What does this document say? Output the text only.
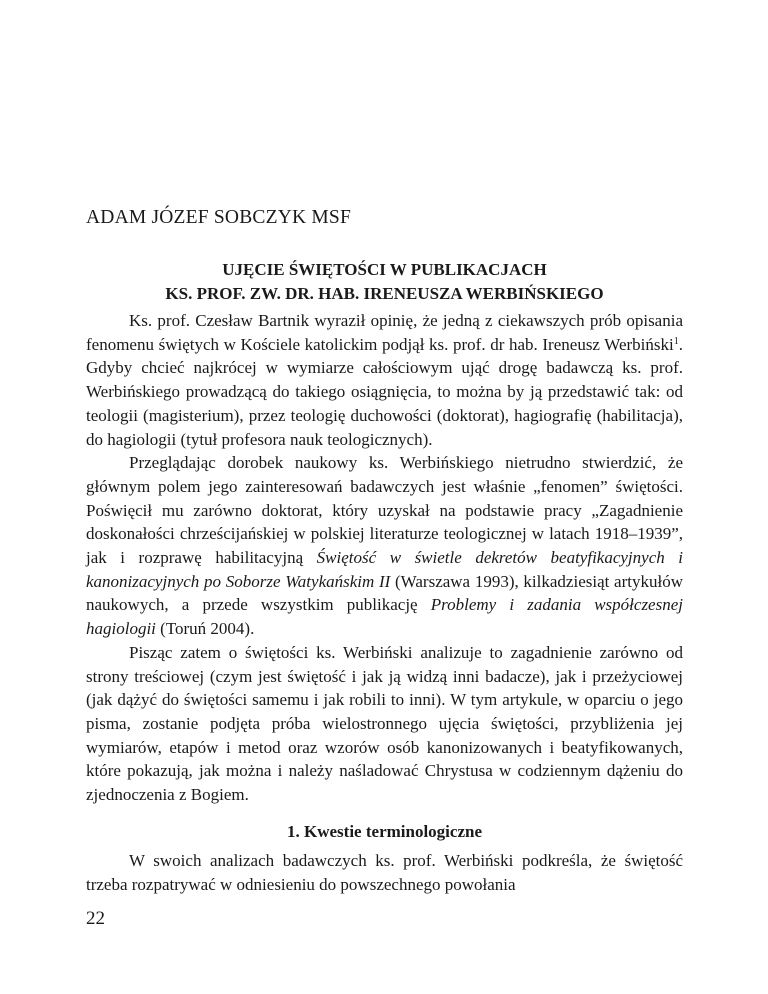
ADAM JÓZEF SOBCZYK MSF
UJĘCIE ŚWIĘTOŚCI W PUBLIKACJACH
KS. PROF. ZW. DR. HAB. IRENEUSZA WERBIŃSKIEGO

Ks. prof. Czesław Bartnik wyraził opinię, że jedną z ciekawszych prób opisania fenomenu świętych w Kościele katolickim podjął ks. prof. dr hab. Ireneusz Werbiński$^1$. Gdyby chcieć najkrócej w wymiarze całościowym ująć drogę badawczą ks. prof. Werbińskiego prowadzącą do takiego osiągnięcia, to można by ją przedstawić tak: od teologii (magisterium), przez teologię duchowości (doktorat), hagiografię (habilitacja), do hagiologii (tytuł profesora nauk teologicznych).

Przeglądając dorobek naukowy ks. Werbińskiego nietrudno stwierdzić, że głównym polem jego zainteresowań badawczych jest właśnie „fenomen” świętości. Poświęcił mu zarówno doktorat, który uzyskał na podstawie pracy „Zagadnienie doskonałości chrześcijańskiej w polskiej literaturze teologicznej w latach 1918–1939”, jak i rozprawę habilitacyjną Świętość w świetle dekretów beatyfikacyjnych i kanonizacyjnych po Soborze Watykańskim II (Warszawa 1993), kilkadziesiąt artykułów naukowych, a przede wszystkim publikację Problemy i zadania współczesnej hagiologii (Toruń 2004).

Pisząc zatem o świętości ks. Werbiński analizuje to zagadnienie zarówno od strony treściowej (czym jest świętość i jak ją widzą inni badacze), jak i przeżyciowej (jak dążyć do świętości samemu i jak robili to inni). W tym artykule, w oparciu o jego pisma, zostanie podjęta próba wielostronnego ujęcia świętości, przybliżenia jej wymiarów, etapów i metod oraz wzorów osób kanonizowanych i beatyfikowanych, które pokazują, jak można i należy naśladować Chrystusa w codziennym dążeniu do zjednoczenia z Bogiem.

1. Kwestie terminologiczne

W swoich analizach badawczych ks. prof. Werbiński podkreśla, że świętość trzeba rozpatrywać w odniesieniu do powszechnego powołania

22
